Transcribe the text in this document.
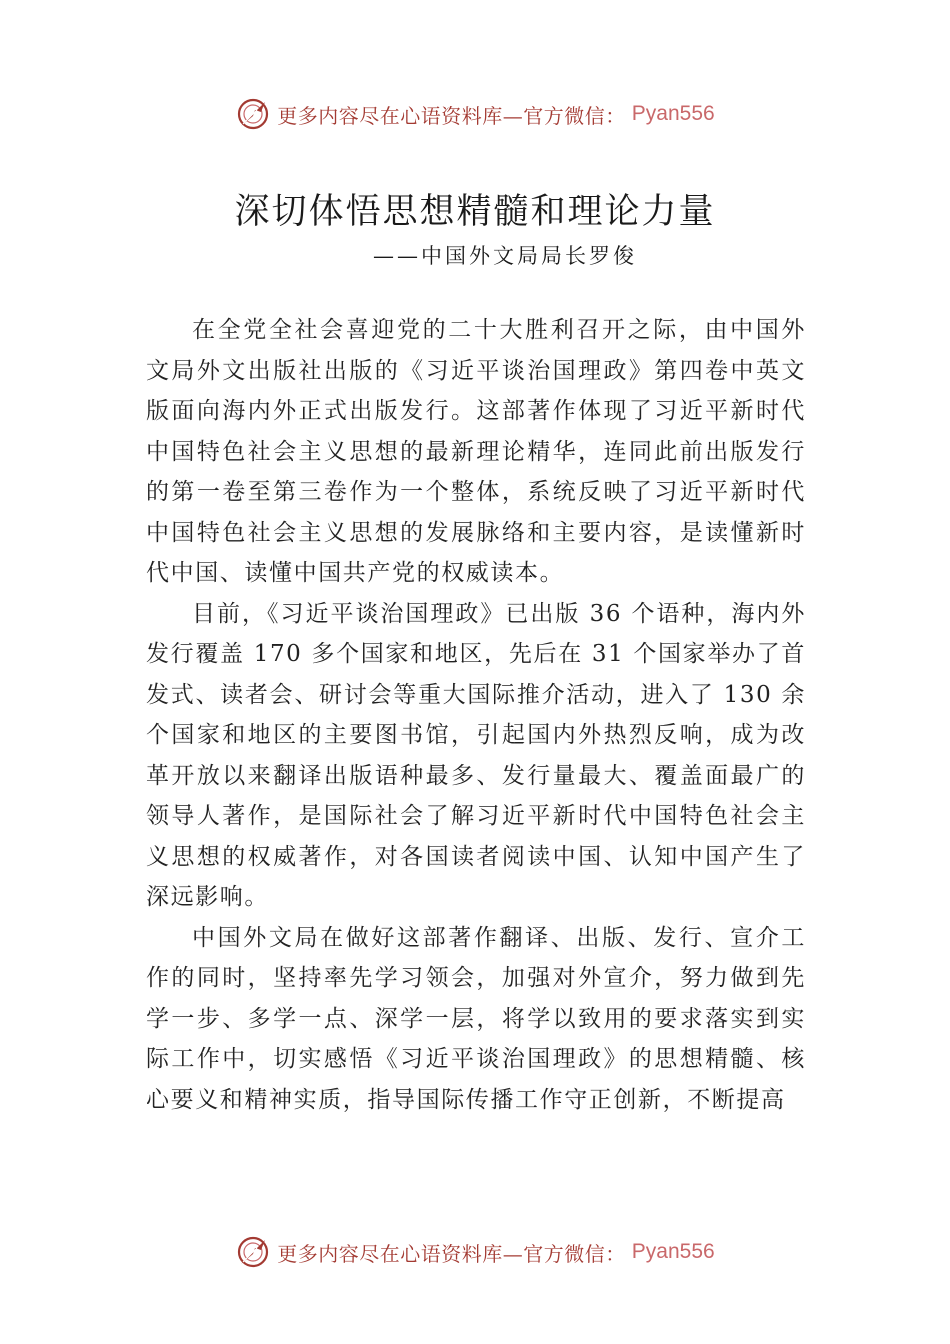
更多内容尽在心语资料库—官方微信： Pyan556
深切体悟思想精髓和理论力量
——中国外文局局长罗俊

在全党全社会喜迎党的二十大胜利召开之际，由中国外文局外文出版社出版的《习近平谈治国理政》第四卷中英文版面向海内外正式出版发行。这部著作体现了习近平新时代中国特色社会主义思想的最新理论精华，连同此前出版发行的第一卷至第三卷作为一个整体，系统反映了习近平新时代中国特色社会主义思想的发展脉络和主要内容，是读懂新时代中国、读懂中国共产党的权威读本。

目前，《习近平谈治国理政》已出版 36 个语种，海内外发行覆盖 170 多个国家和地区，先后在 31 个国家举办了首发式、读者会、研讨会等重大国际推介活动，进入了 130 余个国家和地区的主要图书馆，引起国内外热烈反响，成为改革开放以来翻译出版语种最多、发行量最大、覆盖面最广的领导人著作，是国际社会了解习近平新时代中国特色社会主义思想的权威著作，对各国读者阅读中国、认知中国产生了深远影响。

中国外文局在做好这部著作翻译、出版、发行、宣介工作的同时，坚持率先学习领会，加强对外宣介，努力做到先学一步、多学一点、深学一层，将学以致用的要求落实到实际工作中，切实感悟《习近平谈治国理政》的思想精髓、核心要义和精神实质，指导国际传播工作守正创新，不断提高

更多内容尽在心语资料库—官方微信： Pyan556
